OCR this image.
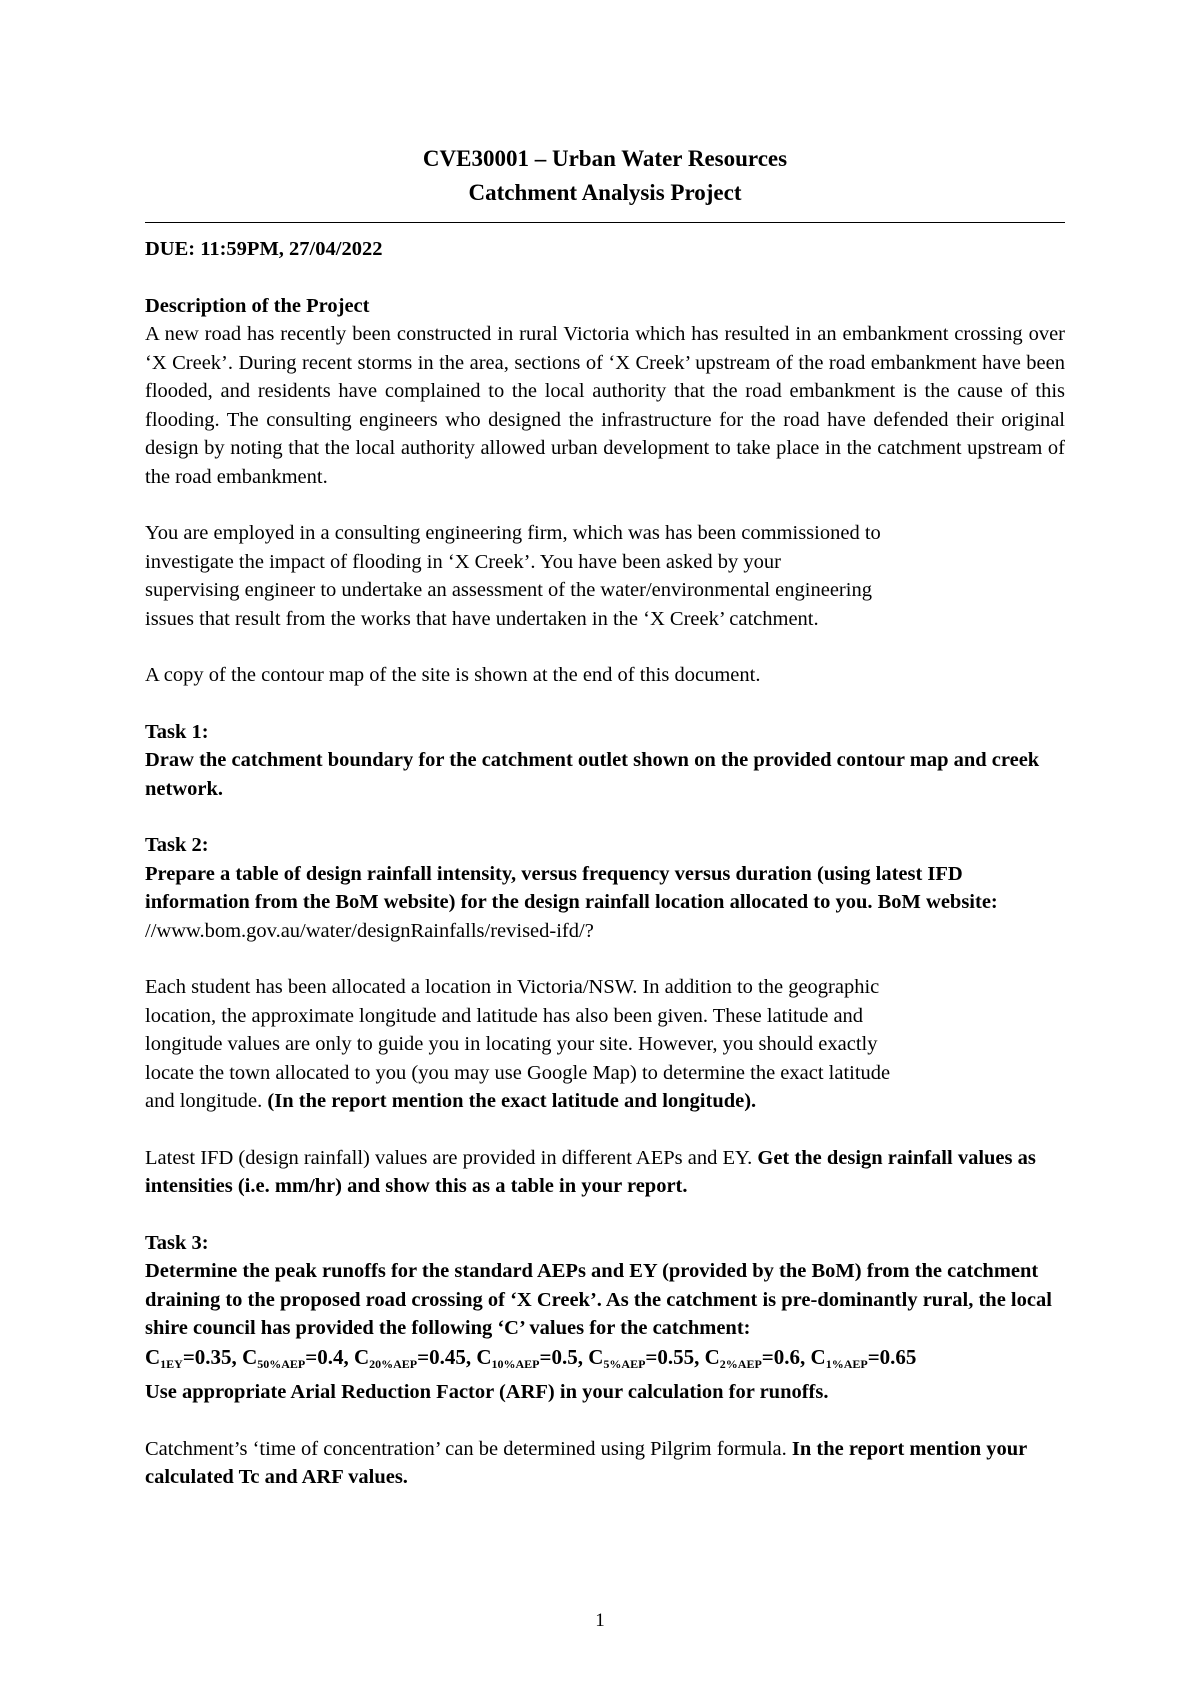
CVE30001 – Urban Water Resources
Catchment Analysis Project

DUE: 11:59PM, 27/04/2022

Description of the Project

A new road has recently been constructed in rural Victoria which has resulted in an embankment crossing over ‘X Creek’. During recent storms in the area, sections of ‘X Creek’ upstream of the road embankment have been flooded, and residents have complained to the local authority that the road embankment is the cause of this flooding. The consulting engineers who designed the infrastructure for the road have defended their original design by noting that the local authority allowed urban development to take place in the catchment upstream of the road embankment.

You are employed in a consulting engineering firm, which was has been commissioned to

investigate the impact of flooding in ‘X Creek’. You have been asked by your

supervising engineer to undertake an assessment of the water/environmental engineering

issues that result from the works that have undertaken in the ‘X Creek’ catchment.

A copy of the contour map of the site is shown at the end of this document.

Task 1:

Draw the catchment boundary for the catchment outlet shown on the provided contour map and creek network.

Task 2:

Prepare a table of design rainfall intensity, versus frequency versus duration (using latest IFD information from the BoM website) for the design rainfall location allocated to you. BoM website: //www.bom.gov.au/water/designRainfalls/revised-ifd/?

Each student has been allocated a location in Victoria/NSW. In addition to the geographic

location, the approximate longitude and latitude has also been given. These latitude and

longitude values are only to guide you in locating your site. However, you should exactly

locate the town allocated to you (you may use Google Map) to determine the exact latitude

and longitude. (In the report mention the exact latitude and longitude).

Latest IFD (design rainfall) values are provided in different AEPs and EY. Get the design rainfall values as intensities (i.e. mm/hr) and show this as a table in your report.

Task 3:

Determine the peak runoffs for the standard AEPs and EY (provided by the BoM) from the catchment draining to the proposed road crossing of ‘X Creek’. As the catchment is pre-dominantly rural, the local shire council has provided the following ‘C’ values for the catchment:

$C_{1EY}=0.35$, $C_{50\%AEP}=0.4$, $C_{20\%AEP}=0.45$, $C_{10\%AEP}=0.5$, $C_{5\%AEP}=0.55$, $C_{2\%AEP}=0.6$, $C_{1\%AEP}=0.65$

Use appropriate Arial Reduction Factor (ARF) in your calculation for runoffs.

Catchment’s ‘time of concentration’ can be determined using Pilgrim formula. In the report mention your calculated Tc and ARF values.

1
